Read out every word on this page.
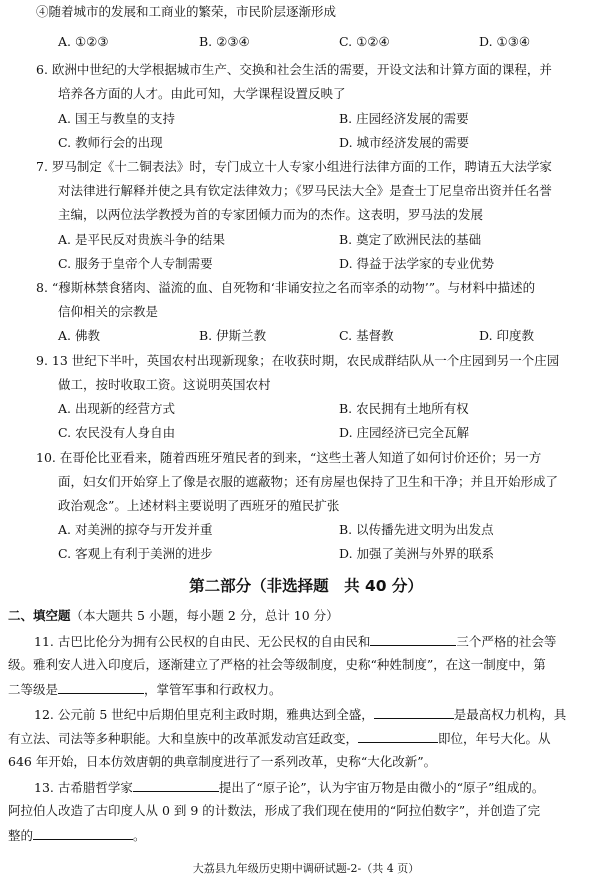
④随着城市的发展和工商业的繁荣，市民阶层逐渐形成
A. ①②③	B. ②③④	C. ①②④	D. ①③④
6. 欧洲中世纪的大学根据城市生产、交换和社会生活的需要，开设文法和计算方面的课程，并
培养各方面的人才。由此可知，大学课程设置反映了
A. 国王与教皇的支持	B. 庄园经济发展的需要
C. 教师行会的出现	D. 城市经济发展的需要
7. 罗马制定《十二铜表法》时，专门成立十人专家小组进行法律方面的工作，聘请五大法学家
对法律进行解释并使之具有钦定法律效力；《罗马民法大全》是查士丁尼皇帝出资并任名誉
主编，以两位法学教授为首的专家团倾力而为的杰作。这表明，罗马法的发展
A. 是平民反对贵族斗争的结果	B. 奠定了欧洲民法的基础
C. 服务于皇帝个人专制需要	D. 得益于法学家的专业优势
8. “穆斯林禁食猪肉、溢流的血、自死物和‘非诵安拉之名而宰杀的动物’”。与材料中描述的
信仰相关的宗教是
A. 佛教	B. 伊斯兰教	C. 基督教	D. 印度教
9. 13 世纪下半叶，英国农村出现新现象；在收获时期，农民成群结队从一个庄园到另一个庄园
做工，按时收取工资。这说明英国农村
A. 出现新的经营方式	B. 农民拥有土地所有权
C. 农民没有人身自由	D. 庄园经济已完全瓦解
10. 在哥伦比亚看来，随着西班牙殖民者的到来，“这些土著人知道了如何讨价还价；另一方
面，妇女们开始穿上了像是衣服的遮蔽物；还有房屋也保持了卫生和干净；并且开始形成了
政治观念”。上述材料主要说明了西班牙的殖民扩张
A. 对美洲的掠夺与开发并重	B. 以传播先进文明为出发点
C. 客观上有利于美洲的进步	D. 加强了美洲与外界的联系
第二部分（非选择题　共 40 分）
二、填空题（本大题共 5 小题，每小题 2 分，总计 10 分）
11. 古巴比伦分为拥有公民权的自由民、无公民权的自由民和	三个严格的社会等
级。雅利安人进入印度后，逐渐建立了严格的社会等级制度，史称“种姓制度”，在这一制度中，第
二等级是	，掌管军事和行政权力。
12. 公元前 5 世纪中后期伯里克利主政时期，雅典达到全盛，	是最高权力机构，具
有立法、司法等多种职能。大和皇族中的改革派发动宫廷政变，	即位，年号大化。从
646 年开始，日本仿效唐朝的典章制度进行了一系列改革，史称“大化改新”。
13. 古希腊哲学家	提出了“原子论”，认为宇宙万物是由微小的“原子”组成的。
阿拉伯人改造了古印度人从 0 到 9 的计数法，形成了我们现在使用的“阿拉伯数字”，并创造了完
整的	。
大荔县九年级历史期中调研试题-2-（共 4 页）
